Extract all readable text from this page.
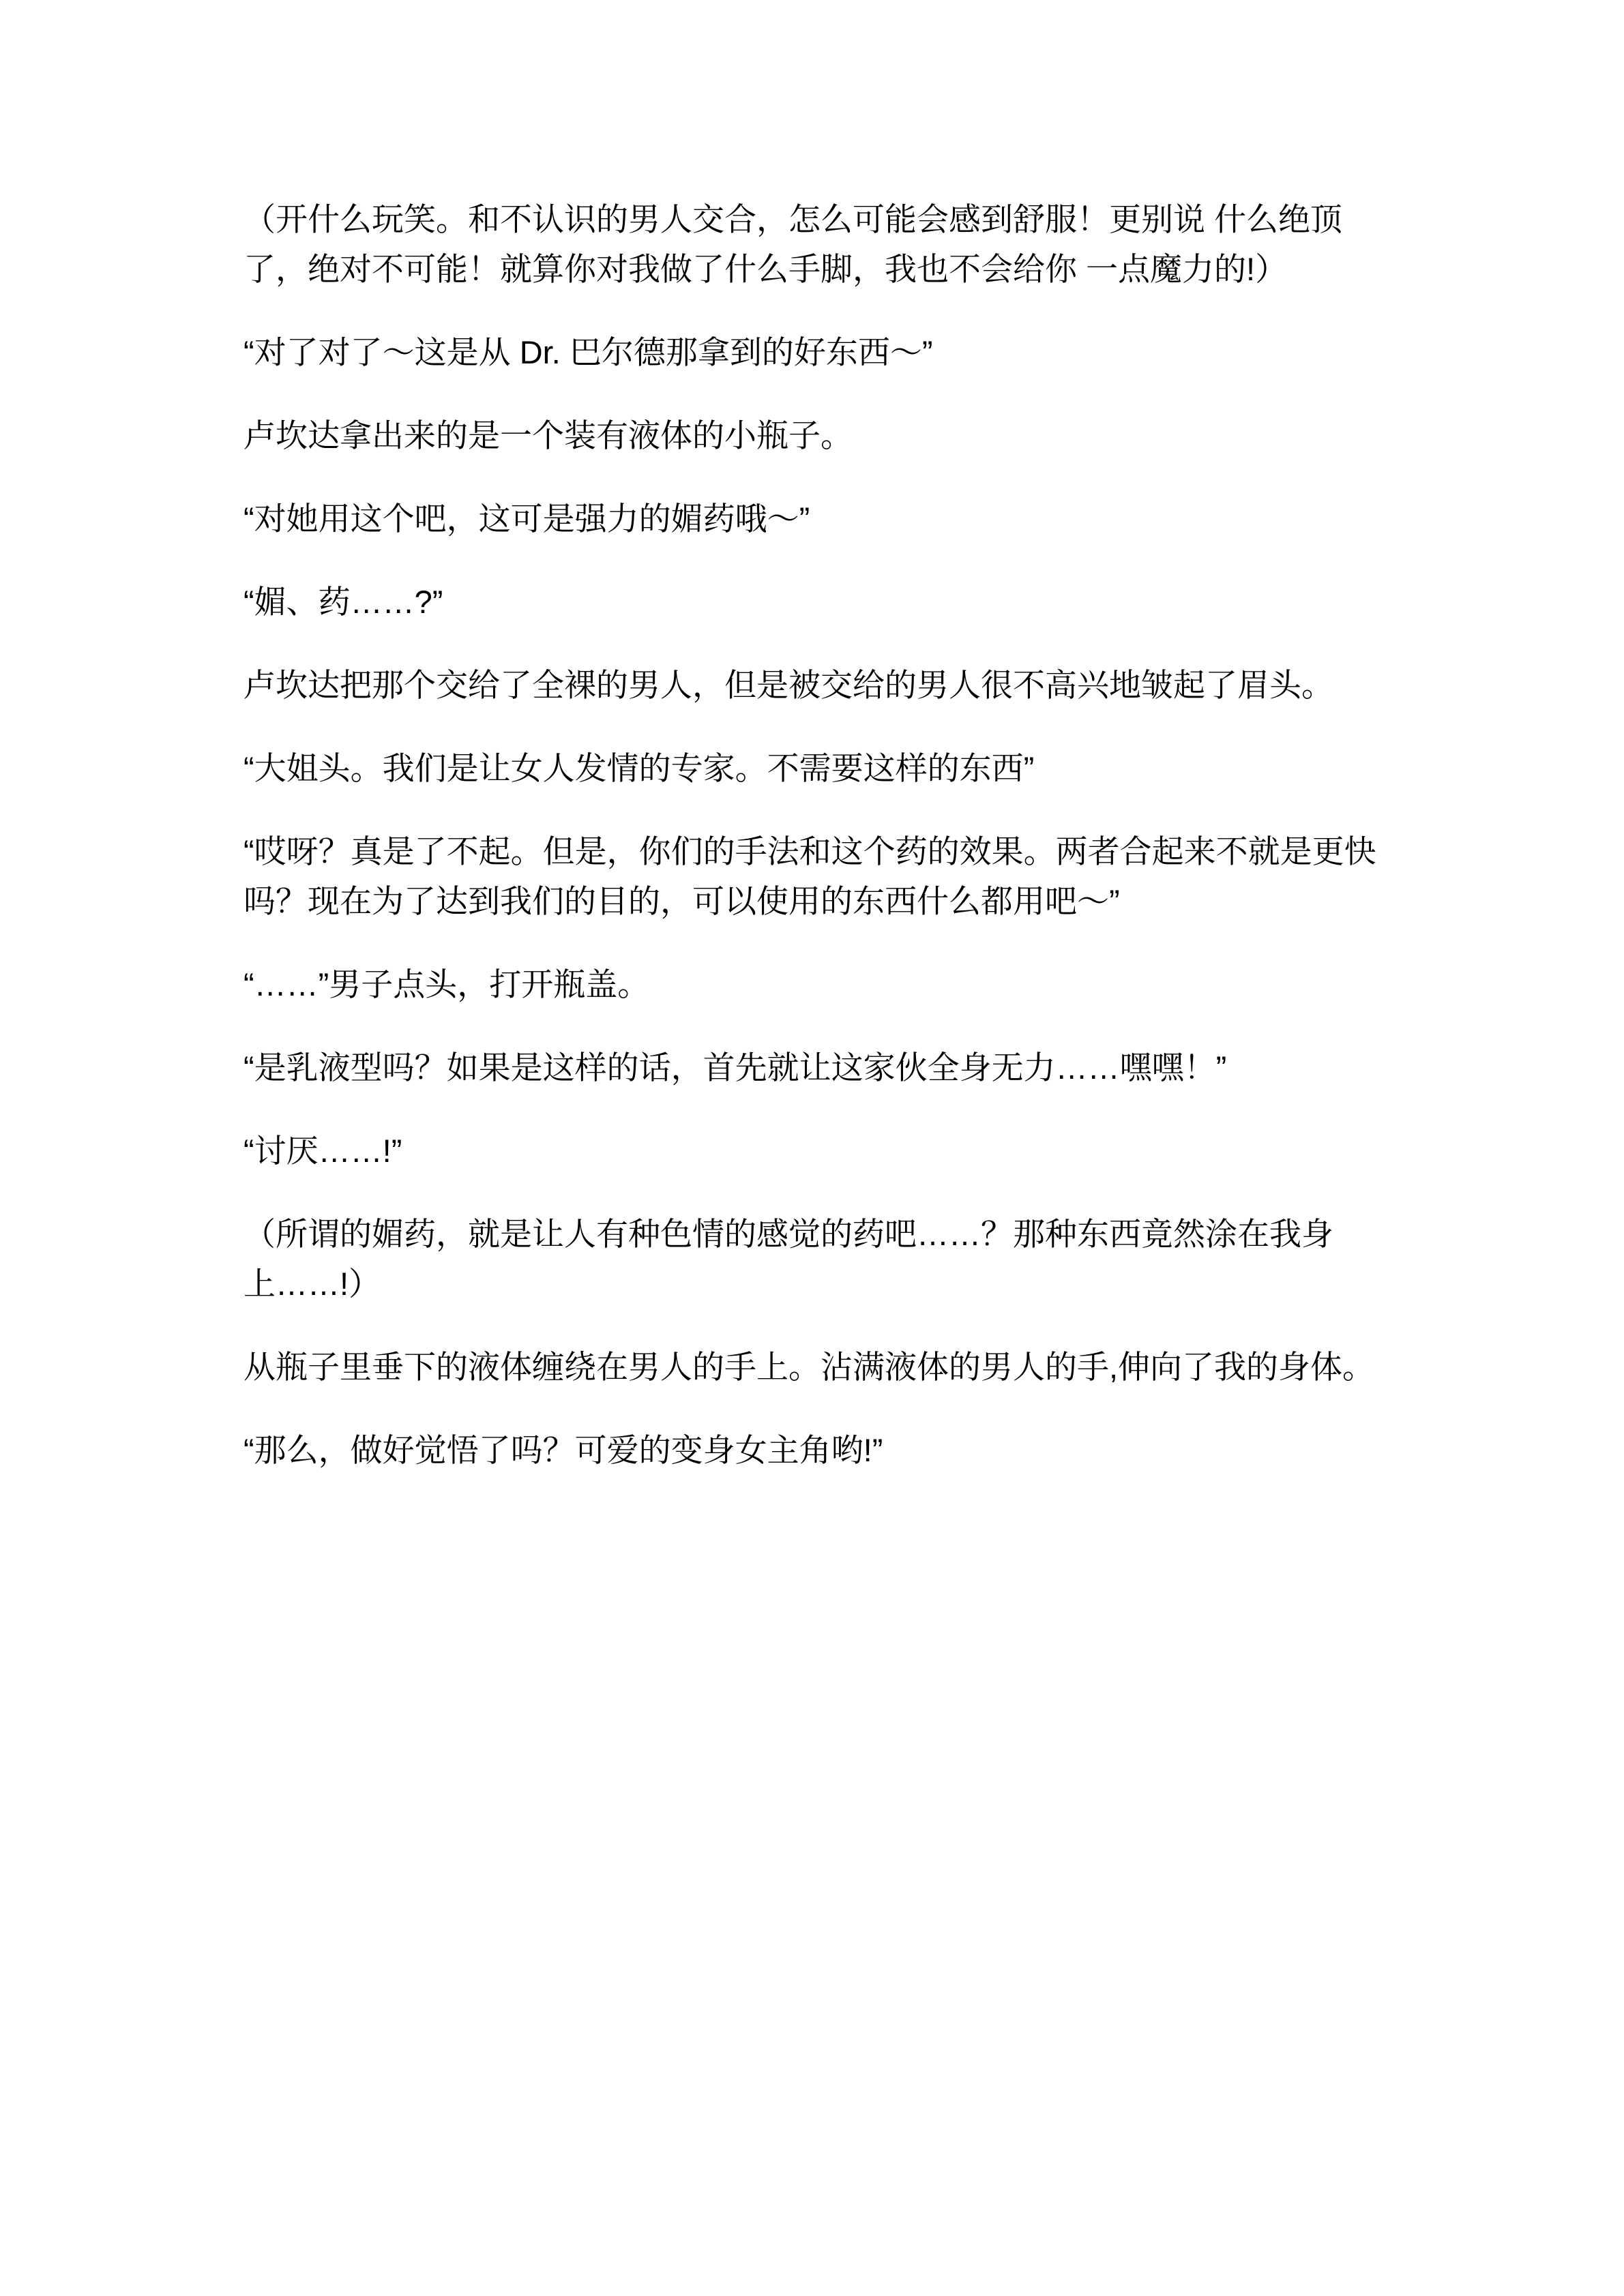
（开什么玩笑。和不认识的男人交合，怎么可能会感到舒服！更别说 什么绝顶了，绝对不可能！就算你对我做了什么手脚，我也不会给你 一点魔力的!）

“对了对了～这是从 Dr. 巴尔德那拿到的好东西～”

卢坎达拿出来的是一个装有液体的小瓶子。

“对她用这个吧，这可是强力的媚药哦～”

“媚、药……?”

卢坎达把那个交给了全裸的男人，但是被交给的男人很不高兴地皱起了眉头。

“大姐头。我们是让女人发情的专家。不需要这样的东西”

“哎呀？真是了不起。但是，你们的手法和这个药的效果。两者合起来不就是更快吗？现在为了达到我们的目的，可以使用的东西什么都用吧～”

“……”男子点头，打开瓶盖。

“是乳液型吗？如果是这样的话，首先就让这家伙全身无力……嘿嘿！”

“讨厌……!”

（所谓的媚药，就是让人有种色情的感觉的药吧……？那种东西竟然涂在我身上……!）

从瓶子里垂下的液体缠绕在男人的手上。沾满液体的男人的手,伸向了我的身体。

“那么，做好觉悟了吗？可爱的变身女主角哟!”
